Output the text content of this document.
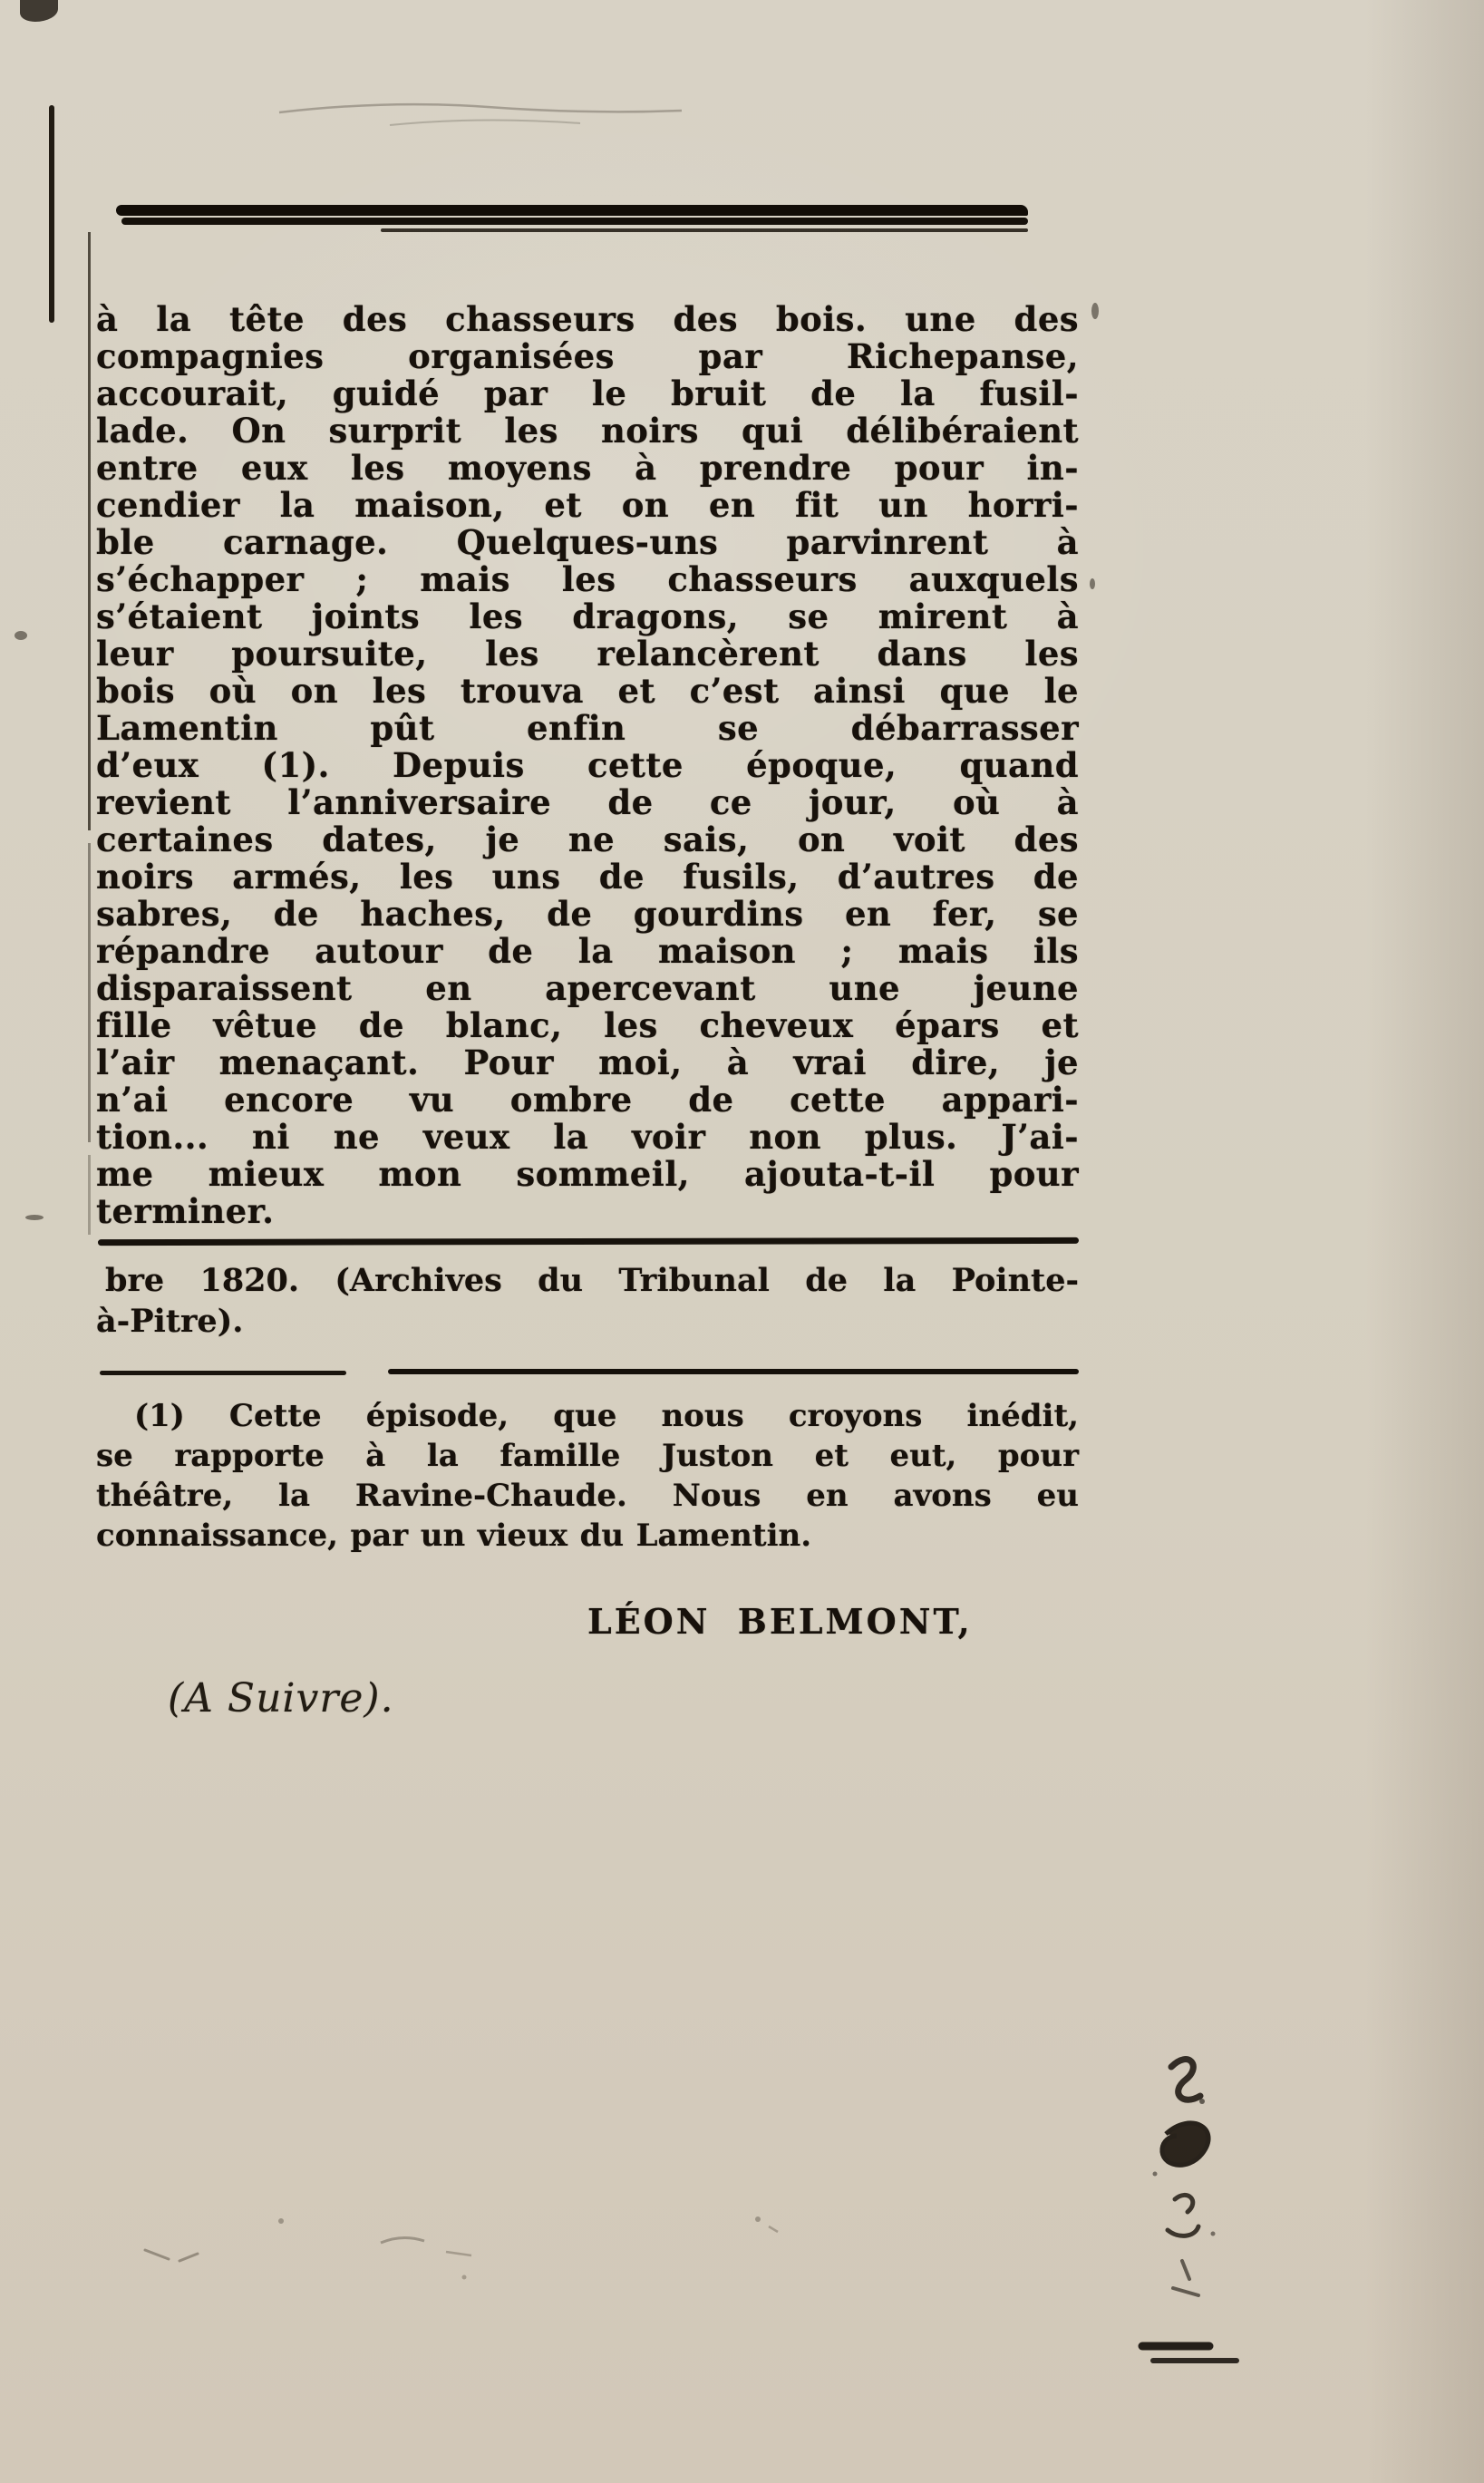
à la tête des chasseurs des bois. une des
compagnies organisées par Richepanse,
accourait, guidé par le bruit de la fusil-
lade. On surprit les noirs qui délibéraient
entre eux les moyens à prendre pour in-
cendier la maison, et on en fit un horri-
ble carnage. Quelques-uns parvinrent à
s’échapper ; mais les chasseurs auxquels
s’étaient joints les dragons, se mirent à
leur poursuite, les relancèrent dans les
bois où on les trouva et c’est ainsi que le
Lamentin pût enfin se débarrasser
d’eux (1). Depuis cette époque, quand
revient l’anniversaire de ce jour, où à
certaines dates, je ne sais, on voit des
noirs armés, les uns de fusils, d’autres de
sabres, de haches, de gourdins en fer, se
répandre autour de la maison ; mais ils
disparaissent en apercevant une jeune
fille vêtue de blanc, les cheveux épars et
l’air menaçant. Pour moi, à vrai dire, je
n’ai encore vu ombre de cette appari-
tion... ni ne veux la voir non plus. J’ai-
me mieux mon sommeil, ajouta-t-il pour
terminer.
bre 1820. (Archives du Tribunal de la Pointe-
à-Pitre).
(1) Cette épisode, que nous croyons inédit,
se rapporte à la famille Juston et eut, pour
théâtre, la Ravine-Chaude. Nous en avons eu
connaissance, par un vieux du Lamentin.
LÉON BELMONT,
(A Suivre).
